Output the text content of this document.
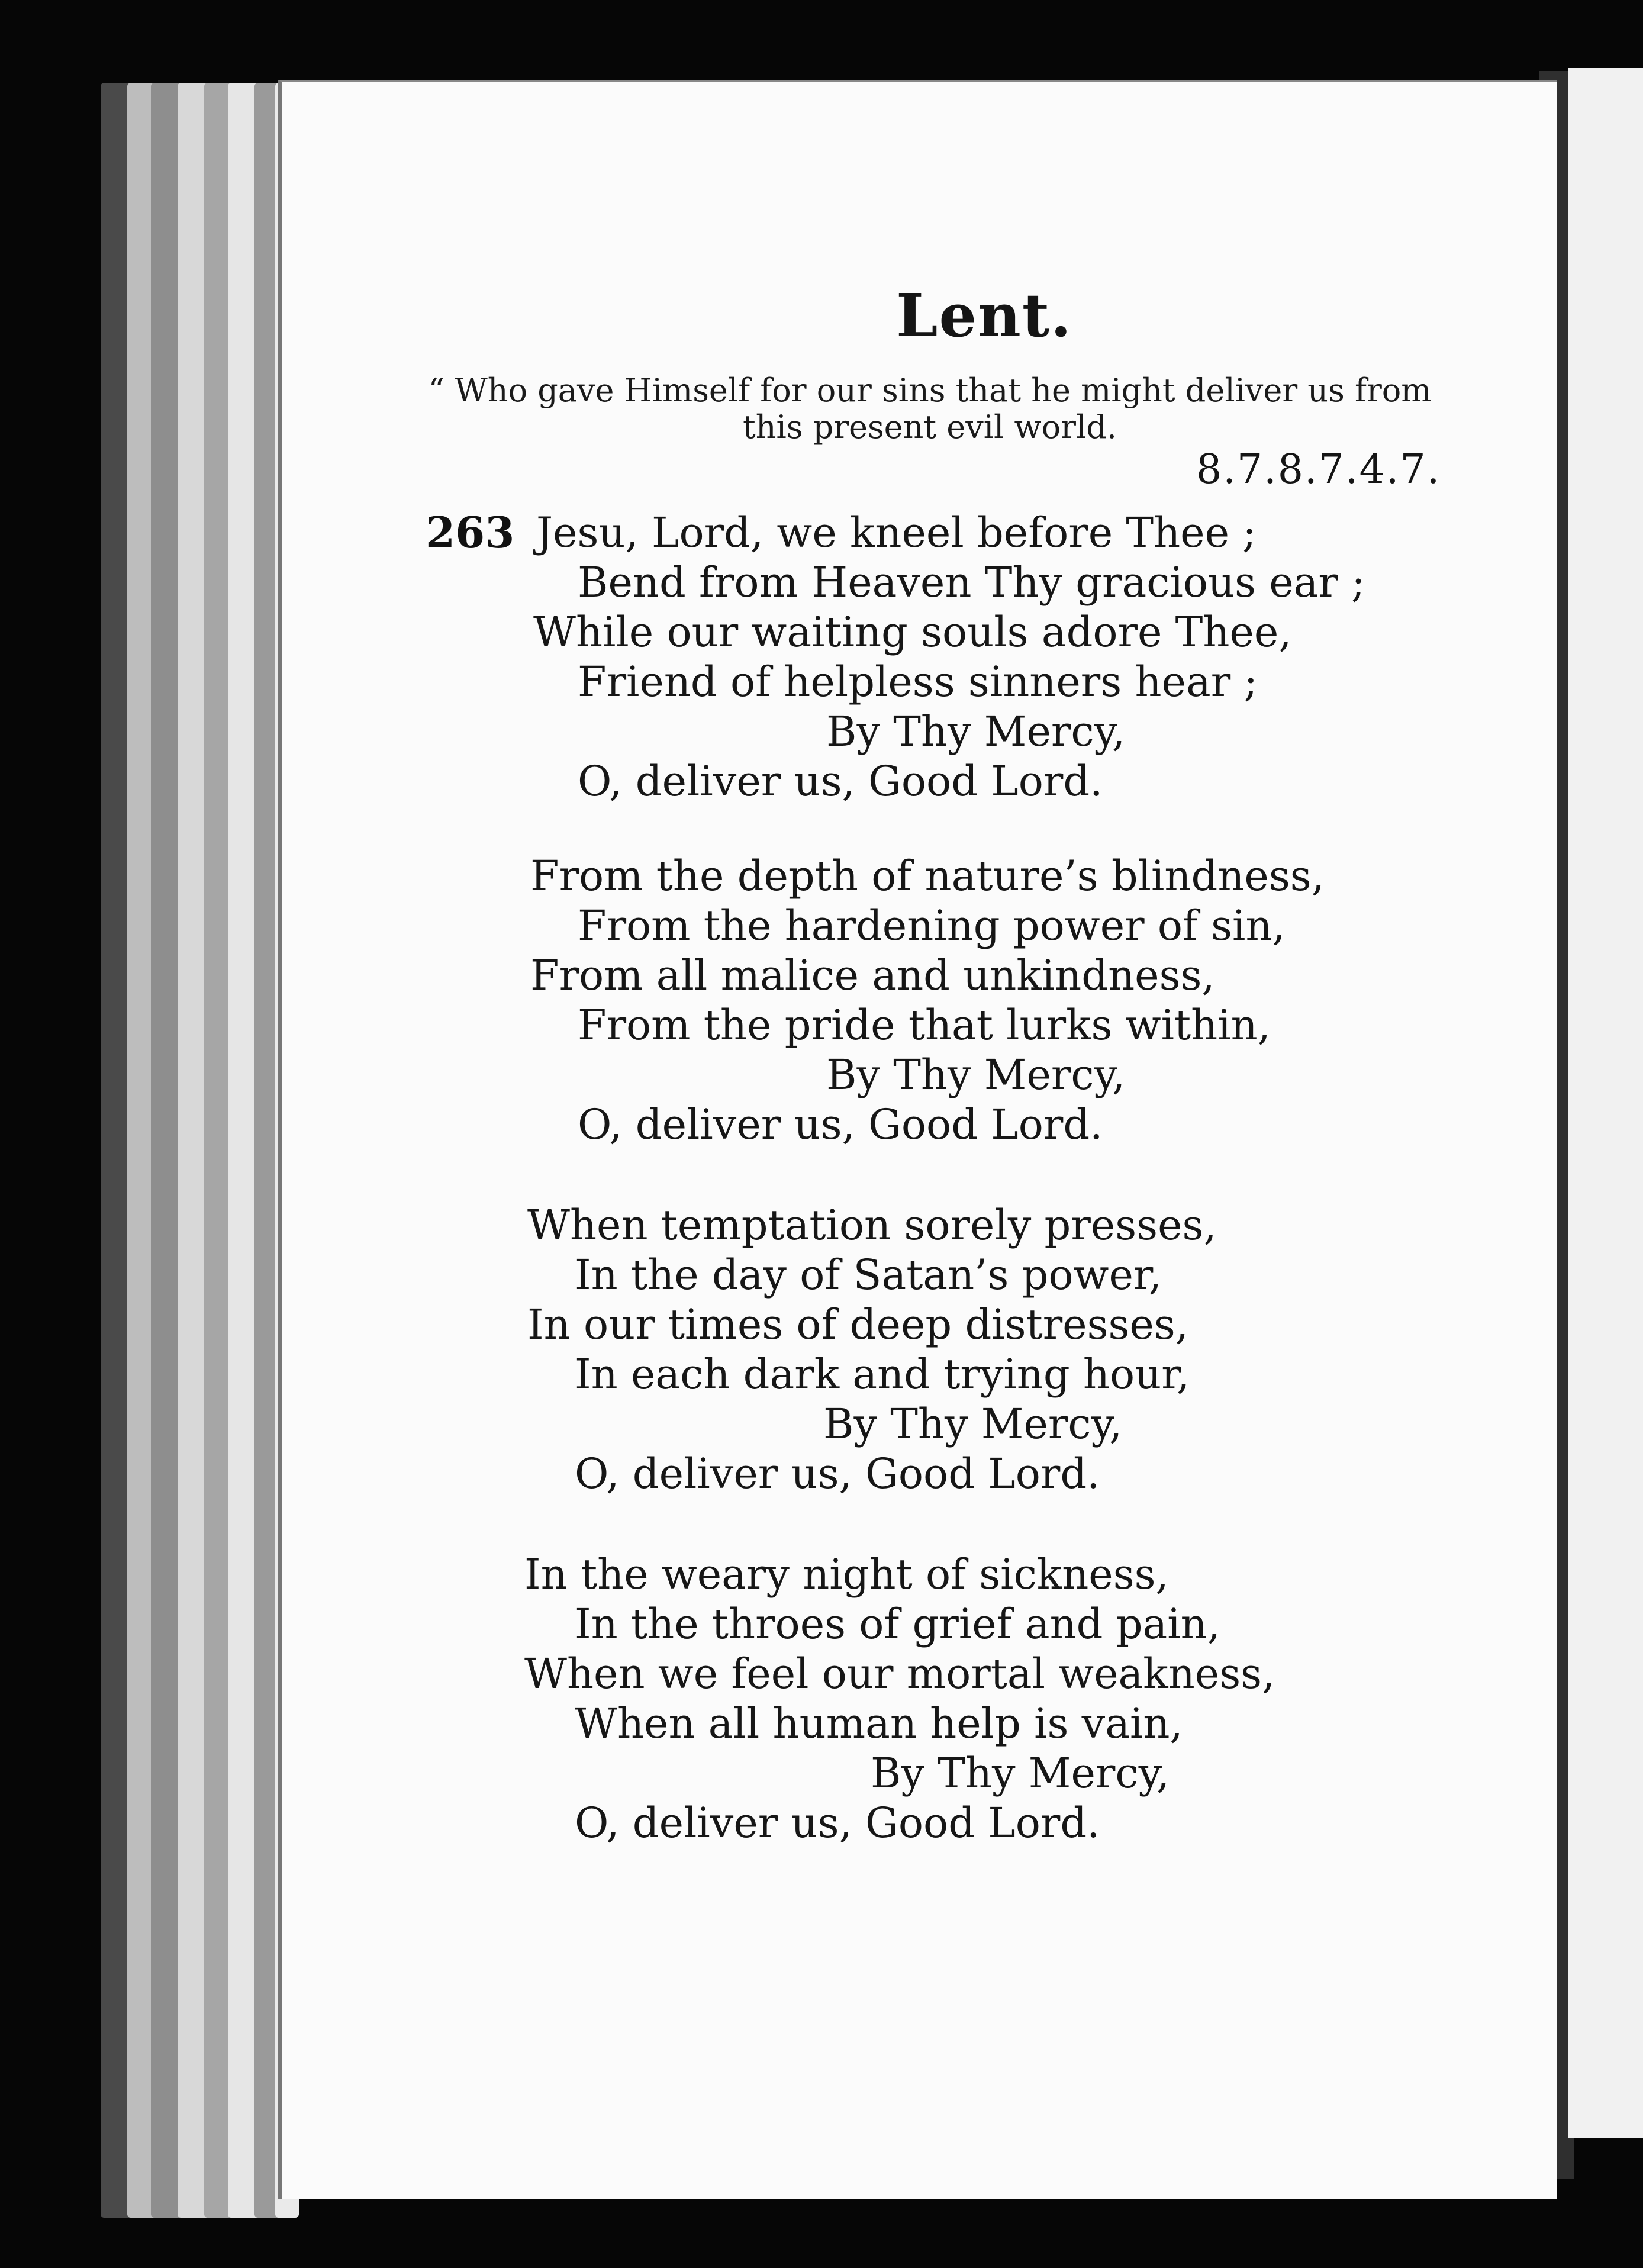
Lent.
“ Who gave Himself for our sins that he might deliver us from this present evil world.
8.7.8.7.4.7.
263 Jesu, Lord, we kneel before Thee ;
Bend from Heaven Thy gracious ear ;
While our waiting souls adore Thee,
Friend of helpless sinners hear ;
By Thy Mercy,
O, deliver us, Good Lord.
From the depth of nature’s blindness,
From the hardening power of sin,
From all malice and unkindness,
From the pride that lurks within,
By Thy Mercy,
O, deliver us, Good Lord.
When temptation sorely presses,
In the day of Satan’s power,
In our times of deep distresses,
In each dark and trying hour,
By Thy Mercy,
O, deliver us, Good Lord.
In the weary night of sickness,
In the throes of grief and pain,
When we feel our mortal weakness,
When all human help is vain,
By Thy Mercy,
O, deliver us, Good Lord.
